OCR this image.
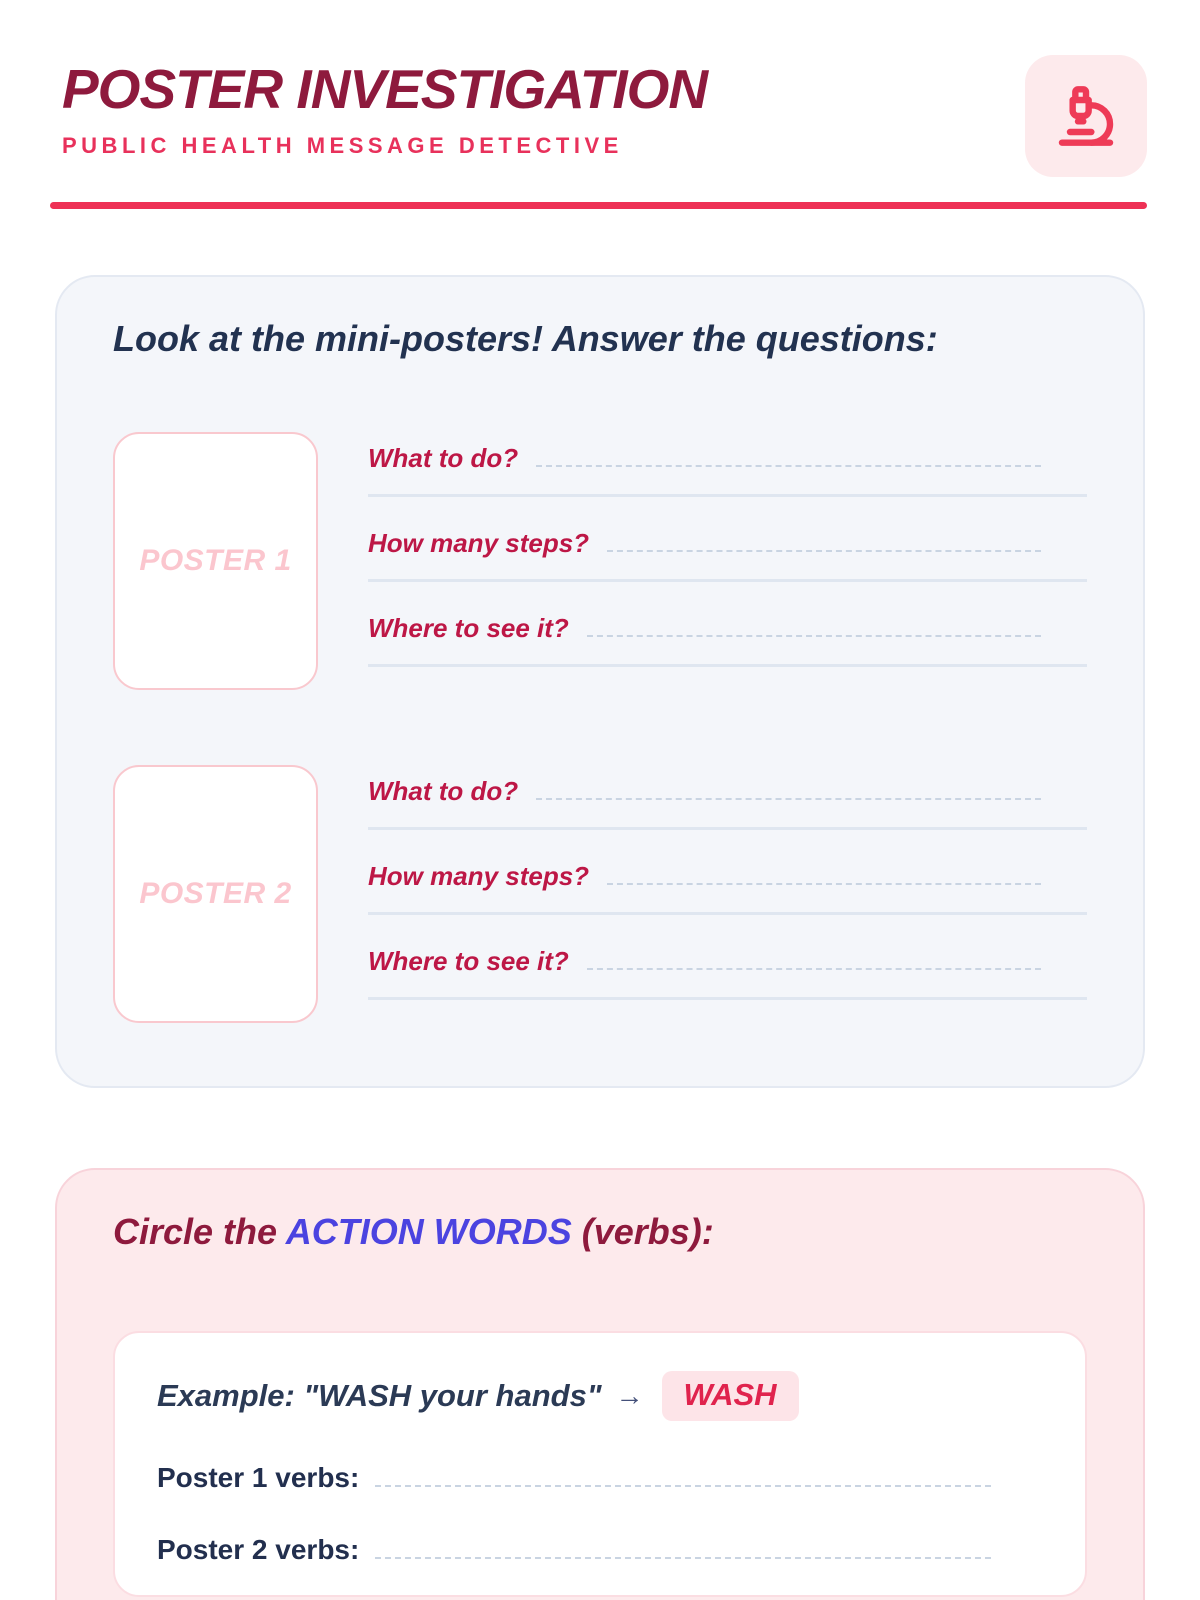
POSTER INVESTIGATION
PUBLIC HEALTH MESSAGE DETECTIVE
Look at the mini-posters! Answer the questions:
POSTER 1
What to do?
How many steps?
Where to see it?
POSTER 2
What to do?
How many steps?
Where to see it?
Circle the ACTION WORDS (verbs):
Example: "WASH your hands" →	WASH
Poster 1 verbs:
Poster 2 verbs:
